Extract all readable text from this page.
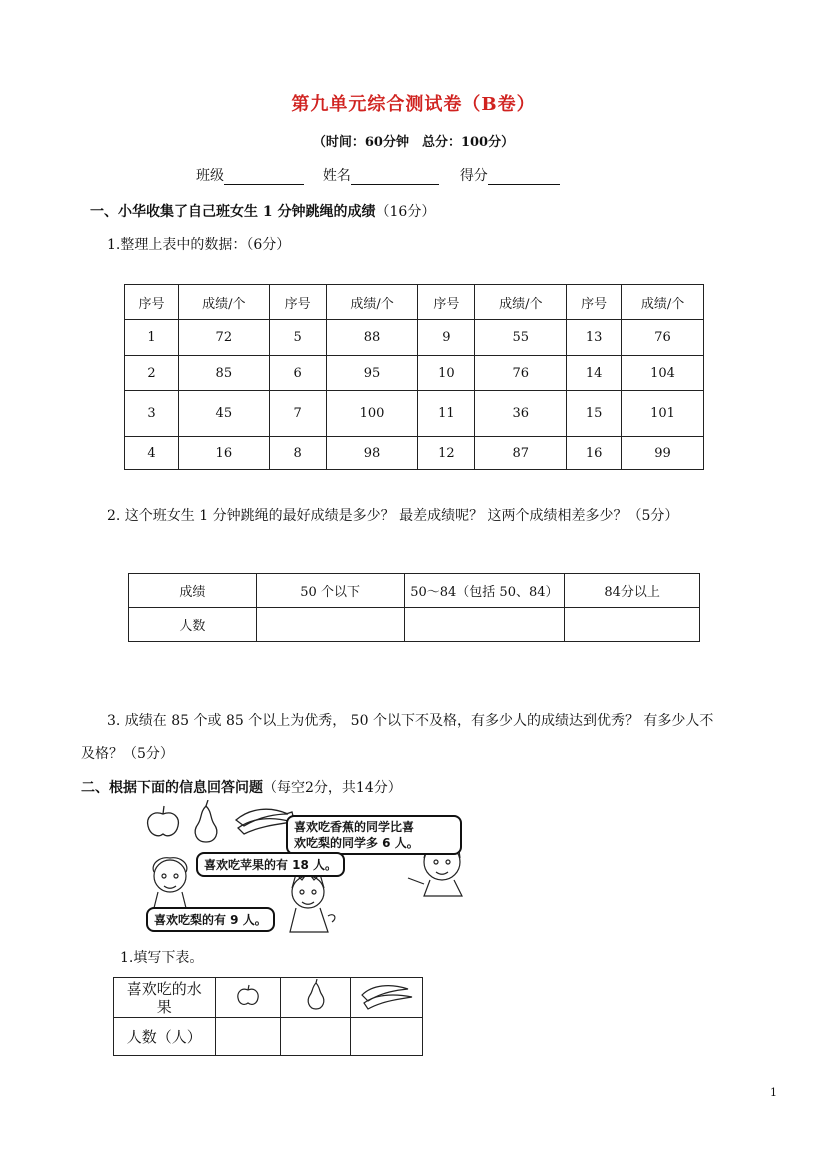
第九单元综合测试卷（B卷）
（时间：60分钟　总分：100分）
班级	姓名	得分
一、小华收集了自己班女生 1 分钟跳绳的成绩（16分）
1.整理上表中的数据：（6分）
序号	成绩/个	序号	成绩/个	序号	成绩/个	序号	成绩/个
1	72	5	88	9	55	13	76
2	85	6	95	10	76	14	104
3	45	7	100	11	36	15	101
4	16	8	98	12	87	16	99
2. 这个班女生 1 分钟跳绳的最好成绩是多少？ 最差成绩呢？ 这两个成绩相差多少？（5分）
成绩	50 个以下	50～84（包括 50、84）	84分以上
人数			
3. 成绩在 85 个或 85 个以上为优秀， 50 个以下不及格，有多少人的成绩达到优秀？ 有多少人不
及格？（5分）
二、根据下面的信息回答问题（每空2分，共14分）
喜欢吃香蕉的同学比喜
欢吃梨的同学多 6 人。
喜欢吃苹果的有 18 人。
喜欢吃梨的有 9 人。
1.填写下表。
喜欢吃的水
果

人数（人）			
1
